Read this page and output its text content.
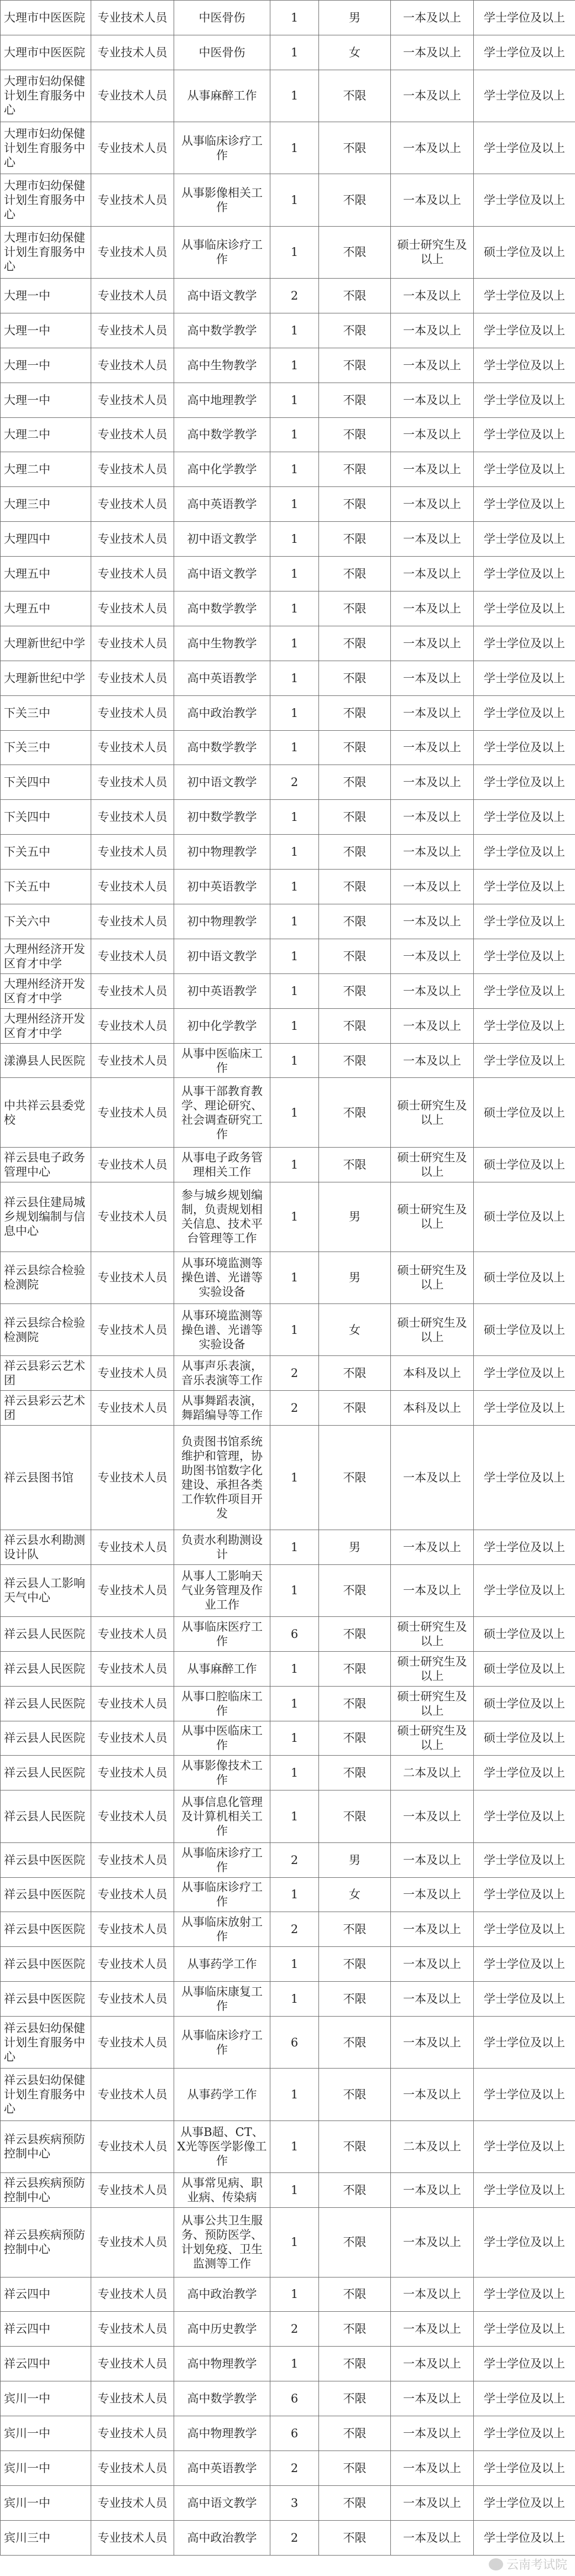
大理市中医医院	专业技术人员	中医骨伤	1	男	一本及以上	学士学位及以上
大理市中医医院	专业技术人员	中医骨伤	1	女	一本及以上	学士学位及以上
大理市妇幼保健计划生育服务中心	专业技术人员	从事麻醉工作	1	不限	一本及以上	学士学位及以上
大理市妇幼保健计划生育服务中心	专业技术人员	从事临床诊疗工作	1	不限	一本及以上	学士学位及以上
大理市妇幼保健计划生育服务中心	专业技术人员	从事影像相关工作	1	不限	一本及以上	学士学位及以上
大理市妇幼保健计划生育服务中心	专业技术人员	从事临床诊疗工作	1	不限	硕士研究生及以上	硕士学位及以上
大理一中	专业技术人员	高中语文教学	2	不限	一本及以上	学士学位及以上
大理一中	专业技术人员	高中数学教学	1	不限	一本及以上	学士学位及以上
大理一中	专业技术人员	高中生物教学	1	不限	一本及以上	学士学位及以上
大理一中	专业技术人员	高中地理教学	1	不限	一本及以上	学士学位及以上
大理二中	专业技术人员	高中数学教学	1	不限	一本及以上	学士学位及以上
大理二中	专业技术人员	高中化学教学	1	不限	一本及以上	学士学位及以上
大理三中	专业技术人员	高中英语教学	1	不限	一本及以上	学士学位及以上
大理四中	专业技术人员	初中语文教学	1	不限	一本及以上	学士学位及以上
大理五中	专业技术人员	高中语文教学	1	不限	一本及以上	学士学位及以上
大理五中	专业技术人员	高中数学教学	1	不限	一本及以上	学士学位及以上
大理新世纪中学	专业技术人员	高中生物教学	1	不限	一本及以上	学士学位及以上
大理新世纪中学	专业技术人员	高中英语教学	1	不限	一本及以上	学士学位及以上
下关三中	专业技术人员	高中政治教学	1	不限	一本及以上	学士学位及以上
下关三中	专业技术人员	高中数学教学	1	不限	一本及以上	学士学位及以上
下关四中	专业技术人员	初中语文教学	2	不限	一本及以上	学士学位及以上
下关四中	专业技术人员	初中数学教学	1	不限	一本及以上	学士学位及以上
下关五中	专业技术人员	初中物理教学	1	不限	一本及以上	学士学位及以上
下关五中	专业技术人员	初中英语教学	1	不限	一本及以上	学士学位及以上
下关六中	专业技术人员	初中物理教学	1	不限	一本及以上	学士学位及以上
大理州经济开发区育才中学	专业技术人员	初中语文教学	1	不限	一本及以上	学士学位及以上
大理州经济开发区育才中学	专业技术人员	初中英语教学	1	不限	一本及以上	学士学位及以上
大理州经济开发区育才中学	专业技术人员	初中化学教学	1	不限	一本及以上	学士学位及以上
漾濞县人民医院	专业技术人员	从事中医临床工作	1	不限	一本及以上	学士学位及以上
中共祥云县委党校	专业技术人员	从事干部教育教学、理论研究、社会调查研究工作	1	不限	硕士研究生及以上	硕士学位及以上
祥云县电子政务管理中心	专业技术人员	从事电子政务管理相关工作	1	不限	硕士研究生及以上	硕士学位及以上
祥云县住建局城乡规划编制与信息中心	专业技术人员	参与城乡规划编制，负责规划相关信息、技术平台管理等工作	1	男	硕士研究生及以上	硕士学位及以上
祥云县综合检验检测院	专业技术人员	从事环境监测等操色谱、光谱等实验设备	1	男	硕士研究生及以上	硕士学位及以上
祥云县综合检验检测院	专业技术人员	从事环境监测等操色谱、光谱等实验设备	1	女	硕士研究生及以上	硕士学位及以上
祥云县彩云艺术团	专业技术人员	从事声乐表演，音乐表演等工作	2	不限	本科及以上	学士学位及以上
祥云县彩云艺术团	专业技术人员	从事舞蹈表演，舞蹈编导等工作	2	不限	本科及以上	学士学位及以上
祥云县图书馆	专业技术人员	负责图书馆系统维护和管理，协助图书馆数字化建设、承担各类工作软件项目开发	1	不限	一本及以上	学士学位及以上
祥云县水利勘测设计队	专业技术人员	负责水利勘测设计	1	男	一本及以上	学士学位及以上
祥云县人工影响天气中心	专业技术人员	从事人工影响天气业务管理及作业工作	1	不限	一本及以上	学士学位及以上
祥云县人民医院	专业技术人员	从事临床医疗工作	6	不限	硕士研究生及以上	硕士学位及以上
祥云县人民医院	专业技术人员	从事麻醉工作	1	不限	硕士研究生及以上	硕士学位及以上
祥云县人民医院	专业技术人员	从事口腔临床工作	1	不限	硕士研究生及以上	硕士学位及以上
祥云县人民医院	专业技术人员	从事中医临床工作	1	不限	硕士研究生及以上	硕士学位及以上
祥云县人民医院	专业技术人员	从事影像技术工作	1	不限	二本及以上	学士学位及以上
祥云县人民医院	专业技术人员	从事信息化管理及计算机相关工作	1	不限	一本及以上	学士学位及以上
祥云县中医医院	专业技术人员	从事临床诊疗工作	2	男	一本及以上	学士学位及以上
祥云县中医医院	专业技术人员	从事临床诊疗工作	1	女	一本及以上	学士学位及以上
祥云县中医医院	专业技术人员	从事临床放射工作	2	不限	一本及以上	学士学位及以上
祥云县中医医院	专业技术人员	从事药学工作	1	不限	一本及以上	学士学位及以上
祥云县中医医院	专业技术人员	从事临床康复工作	1	不限	一本及以上	学士学位及以上
祥云县妇幼保健计划生育服务中心	专业技术人员	从事临床诊疗工作	6	不限	一本及以上	学士学位及以上
祥云县妇幼保健计划生育服务中心	专业技术人员	从事药学工作	1	不限	一本及以上	学士学位及以上
祥云县疾病预防控制中心	专业技术人员	从事B超、CT、X光等医学影像工作	1	不限	二本及以上	学士学位及以上
祥云县疾病预防控制中心	专业技术人员	从事常见病、职业病、传染病	1	不限	一本及以上	学士学位及以上
祥云县疾病预防控制中心	专业技术人员	从事公共卫生服务、预防医学、计划免疫、卫生监测等工作	1	不限	一本及以上	学士学位及以上
祥云四中	专业技术人员	高中政治教学	1	不限	一本及以上	学士学位及以上
祥云四中	专业技术人员	高中历史教学	2	不限	一本及以上	学士学位及以上
祥云四中	专业技术人员	高中物理教学	1	不限	一本及以上	学士学位及以上
宾川一中	专业技术人员	高中数学教学	6	不限	一本及以上	学士学位及以上
宾川一中	专业技术人员	高中物理教学	6	不限	一本及以上	学士学位及以上
宾川一中	专业技术人员	高中英语教学	2	不限	一本及以上	学士学位及以上
宾川一中	专业技术人员	高中语文教学	3	不限	一本及以上	学士学位及以上
宾川三中	专业技术人员	高中政治教学	2	不限	一本及以上	学士学位及以上
云南考试院
